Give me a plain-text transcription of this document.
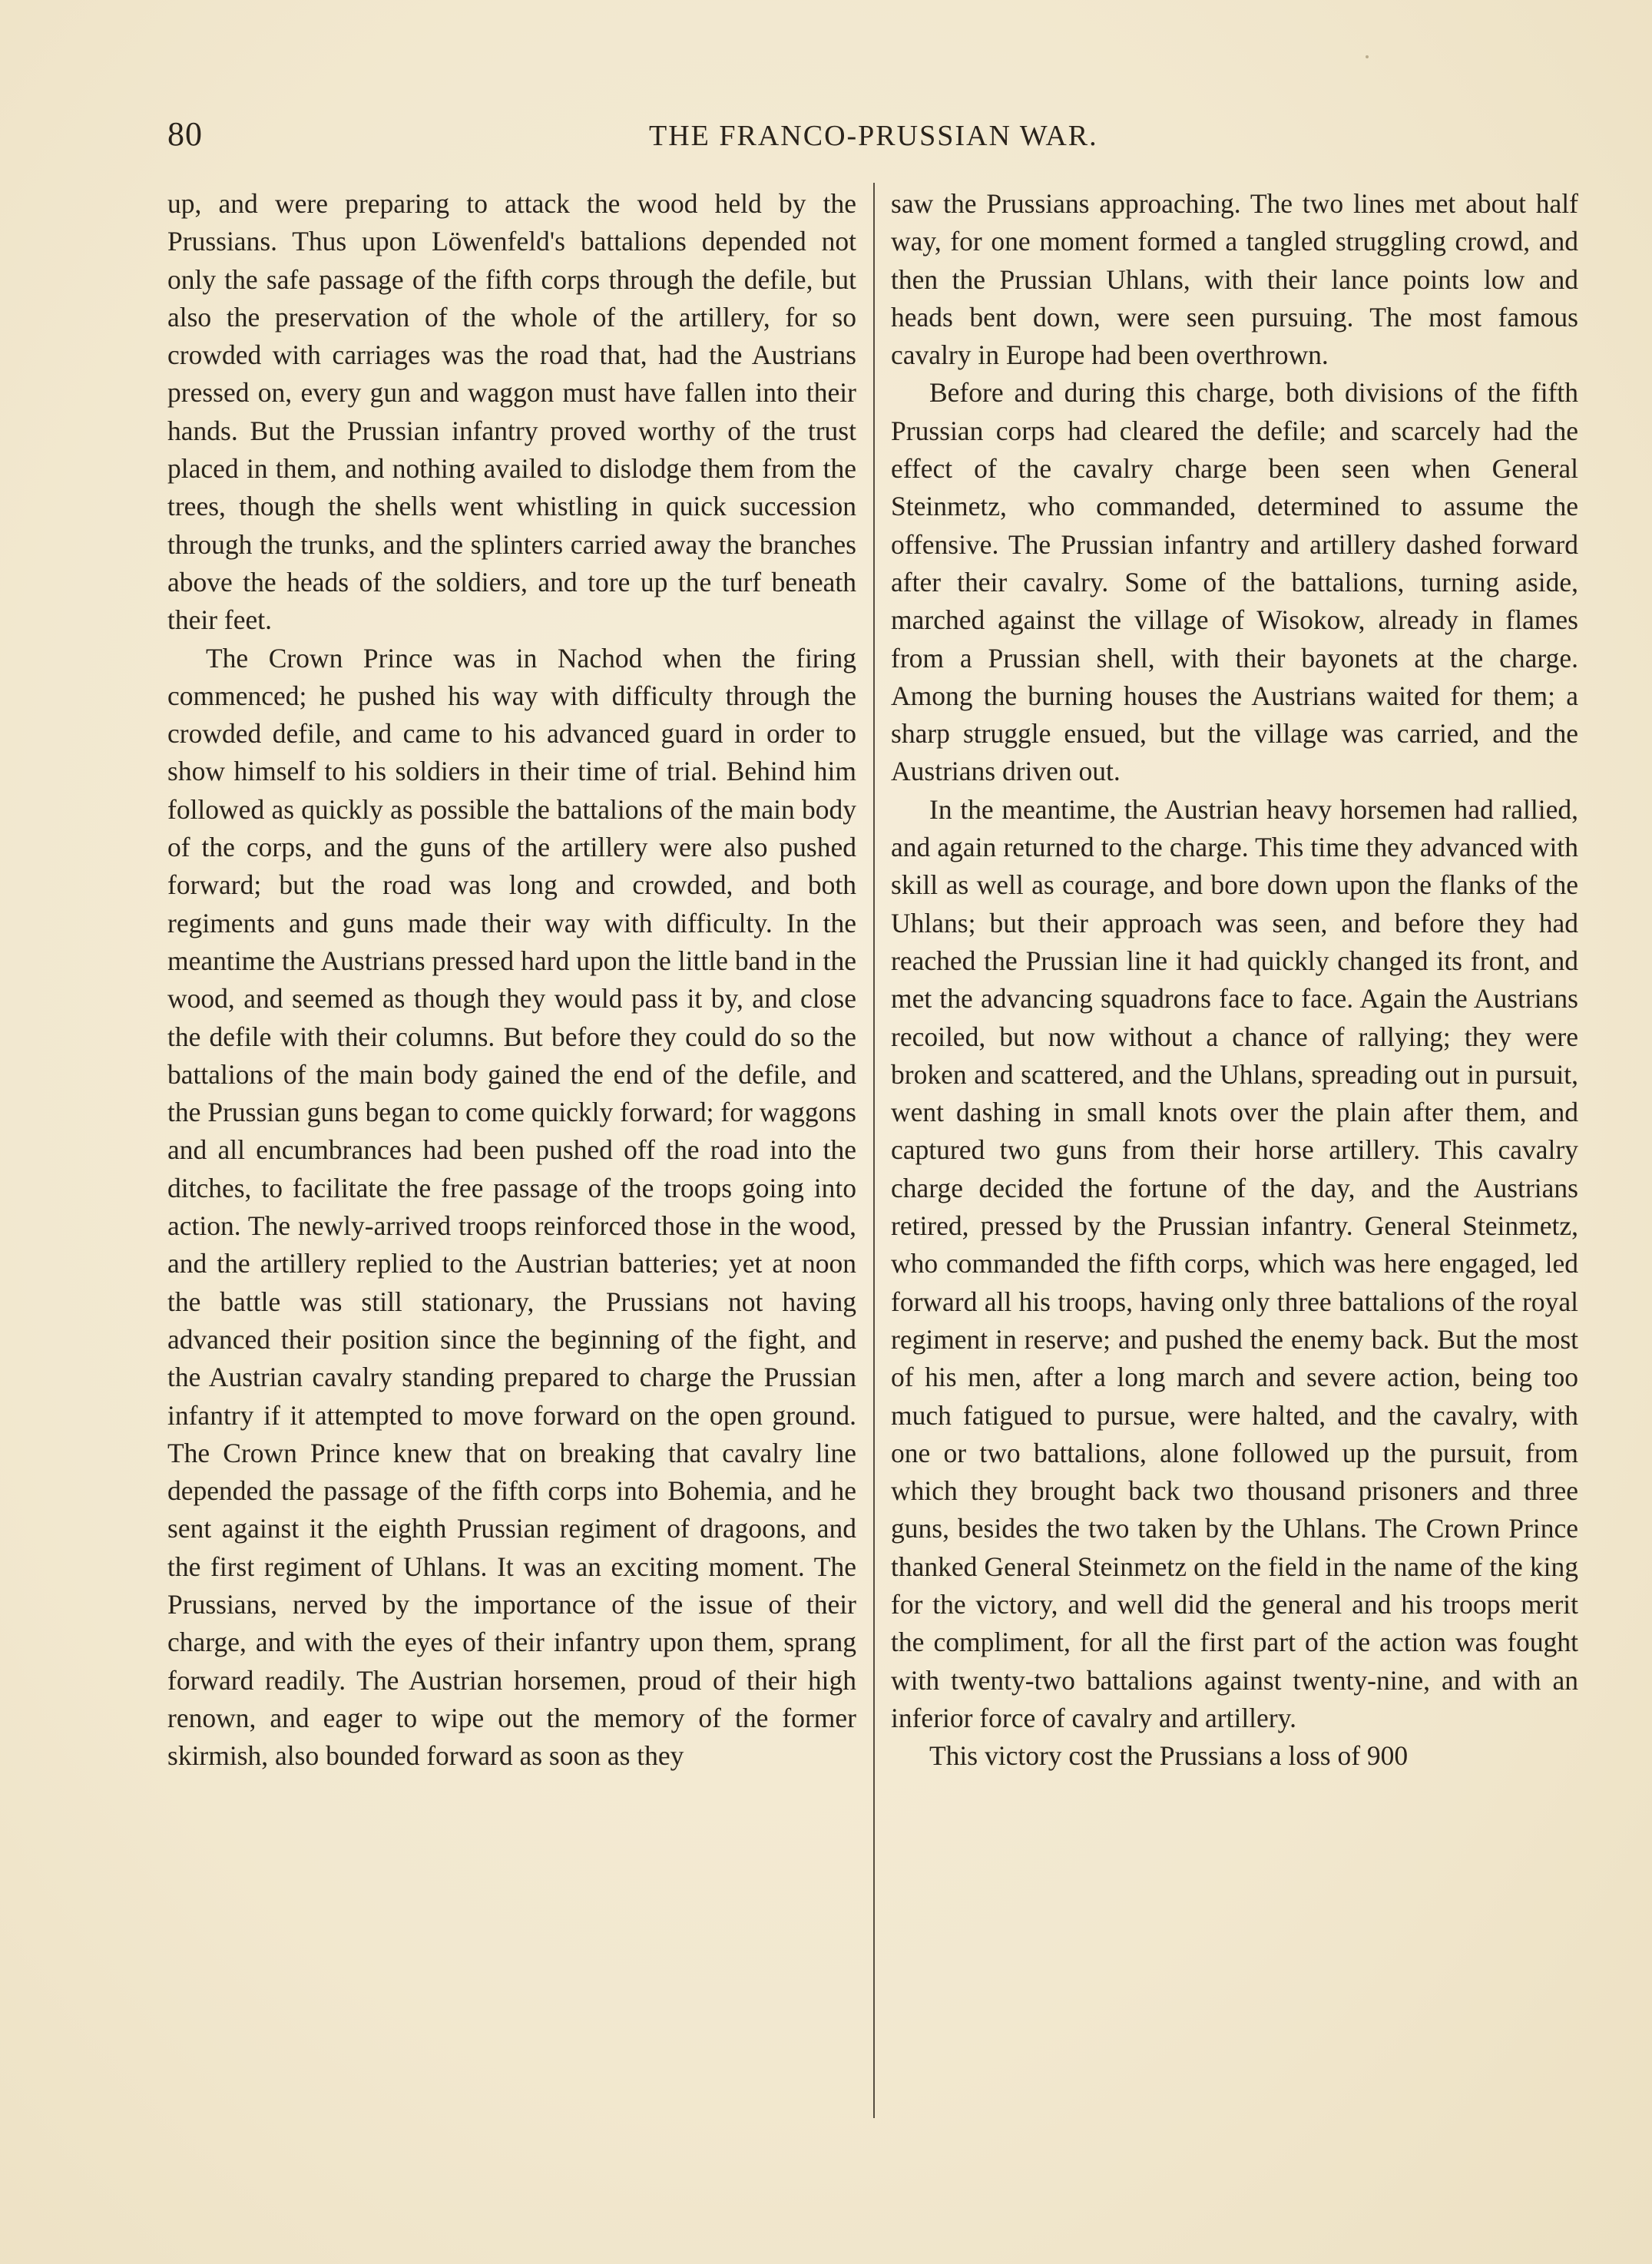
80	THE FRANCO-PRUSSIAN WAR.

up, and were preparing to attack the wood held by the Prussians. Thus upon Löwenfeld's battalions depended not only the safe passage of the fifth corps through the defile, but also the preservation of the whole of the artillery, for so crowded with carriages was the road that, had the Austrians pressed on, every gun and waggon must have fallen into their hands. But the Prussian infantry proved worthy of the trust placed in them, and nothing availed to dislodge them from the trees, though the shells went whistling in quick succession through the trunks, and the splinters carried away the branches above the heads of the soldiers, and tore up the turf beneath their feet.

The Crown Prince was in Nachod when the firing commenced; he pushed his way with difficulty through the crowded defile, and came to his advanced guard in order to show himself to his soldiers in their time of trial. Behind him followed as quickly as possible the battalions of the main body of the corps, and the guns of the artillery were also pushed forward; but the road was long and crowded, and both regiments and guns made their way with difficulty. In the meantime the Austrians pressed hard upon the little band in the wood, and seemed as though they would pass it by, and close the defile with their columns. But before they could do so the battalions of the main body gained the end of the defile, and the Prussian guns began to come quickly forward; for waggons and all encumbrances had been pushed off the road into the ditches, to facilitate the free passage of the troops going into action. The newly-arrived troops reinforced those in the wood, and the artillery replied to the Austrian batteries; yet at noon the battle was still stationary, the Prussians not having advanced their position since the beginning of the fight, and the Austrian cavalry standing prepared to charge the Prussian infantry if it attempted to move forward on the open ground. The Crown Prince knew that on breaking that cavalry line depended the passage of the fifth corps into Bohemia, and he sent against it the eighth Prussian regiment of dragoons, and the first regiment of Uhlans. It was an exciting moment. The Prussians, nerved by the importance of the issue of their charge, and with the eyes of their infantry upon them, sprang forward readily. The Austrian horsemen, proud of their high renown, and eager to wipe out the memory of the former skirmish, also bounded forward as soon as they

saw the Prussians approaching. The two lines met about half way, for one moment formed a tangled struggling crowd, and then the Prussian Uhlans, with their lance points low and heads bent down, were seen pursuing. The most famous cavalry in Europe had been overthrown.

Before and during this charge, both divisions of the fifth Prussian corps had cleared the defile; and scarcely had the effect of the cavalry charge been seen when General Steinmetz, who commanded, determined to assume the offensive. The Prussian infantry and artillery dashed forward after their cavalry. Some of the battalions, turning aside, marched against the village of Wisokow, already in flames from a Prussian shell, with their bayonets at the charge. Among the burning houses the Austrians waited for them; a sharp struggle ensued, but the village was carried, and the Austrians driven out.

In the meantime, the Austrian heavy horsemen had rallied, and again returned to the charge. This time they advanced with skill as well as courage, and bore down upon the flanks of the Uhlans; but their approach was seen, and before they had reached the Prussian line it had quickly changed its front, and met the advancing squadrons face to face. Again the Austrians recoiled, but now without a chance of rallying; they were broken and scattered, and the Uhlans, spreading out in pursuit, went dashing in small knots over the plain after them, and captured two guns from their horse artillery. This cavalry charge decided the fortune of the day, and the Austrians retired, pressed by the Prussian infantry. General Steinmetz, who commanded the fifth corps, which was here engaged, led forward all his troops, having only three battalions of the royal regiment in reserve; and pushed the enemy back. But the most of his men, after a long march and severe action, being too much fatigued to pursue, were halted, and the cavalry, with one or two battalions, alone followed up the pursuit, from which they brought back two thousand prisoners and three guns, besides the two taken by the Uhlans. The Crown Prince thanked General Steinmetz on the field in the name of the king for the victory, and well did the general and his troops merit the compliment, for all the first part of the action was fought with twenty-two battalions against twenty-nine, and with an inferior force of cavalry and artillery.

This victory cost the Prussians a loss of 900
